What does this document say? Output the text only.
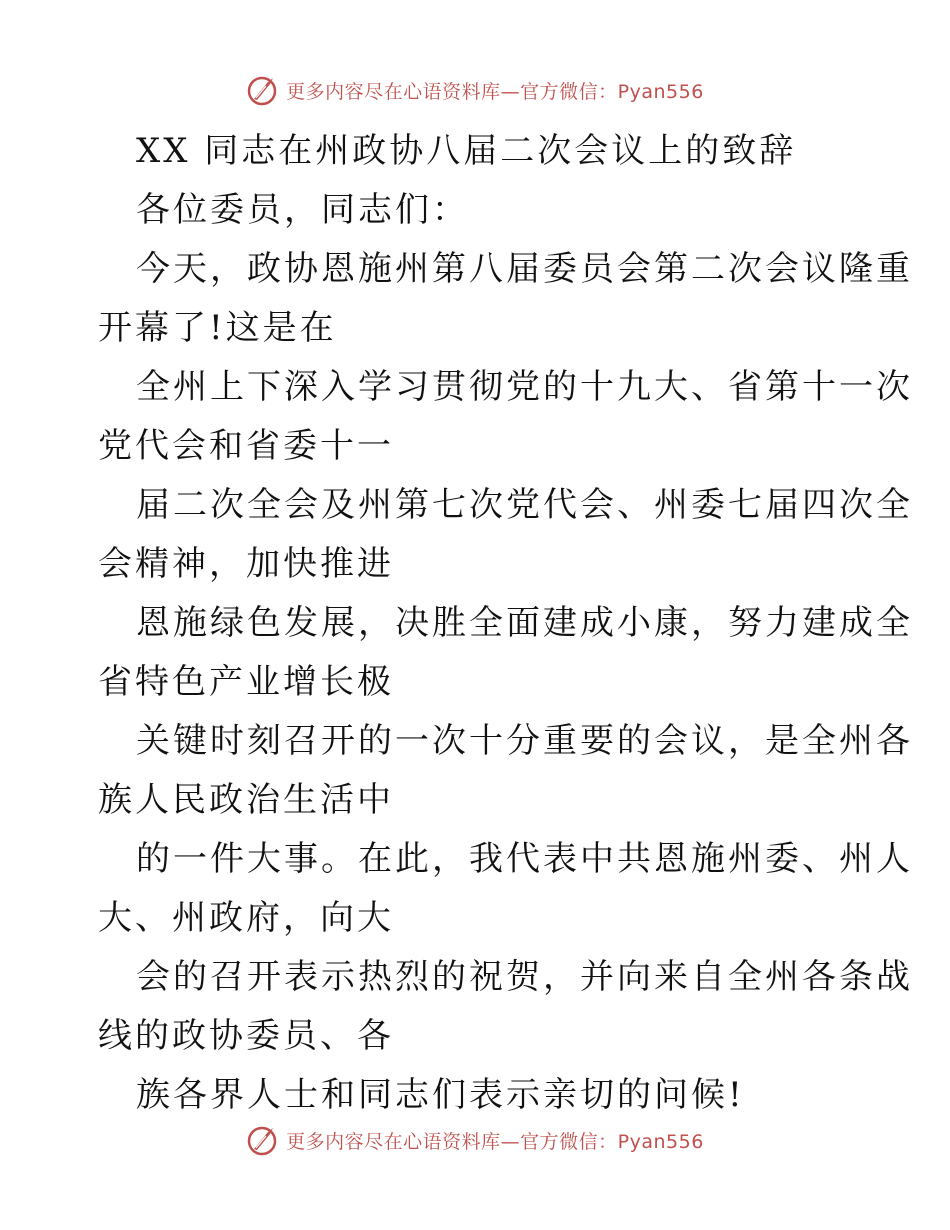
更多内容尽在心语资料库—官方微信：Pyan556
XX 同志在州政协八届二次会议上的致辞
各位委员，同志们：
今天，政协恩施州第八届委员会第二次会议隆重
开幕了!这是在
全州上下深入学习贯彻党的十九大、省第十一次
党代会和省委十一
届二次全会及州第七次党代会、州委七届四次全
会精神，加快推进
恩施绿色发展，决胜全面建成小康，努力建成全
省特色产业增长极
关键时刻召开的一次十分重要的会议，是全州各
族人民政治生活中
的一件大事。在此，我代表中共恩施州委、州人
大、州政府，向大
会的召开表示热烈的祝贺，并向来自全州各条战
线的政协委员、各
族各界人士和同志们表示亲切的问候!
更多内容尽在心语资料库—官方微信：Pyan556
